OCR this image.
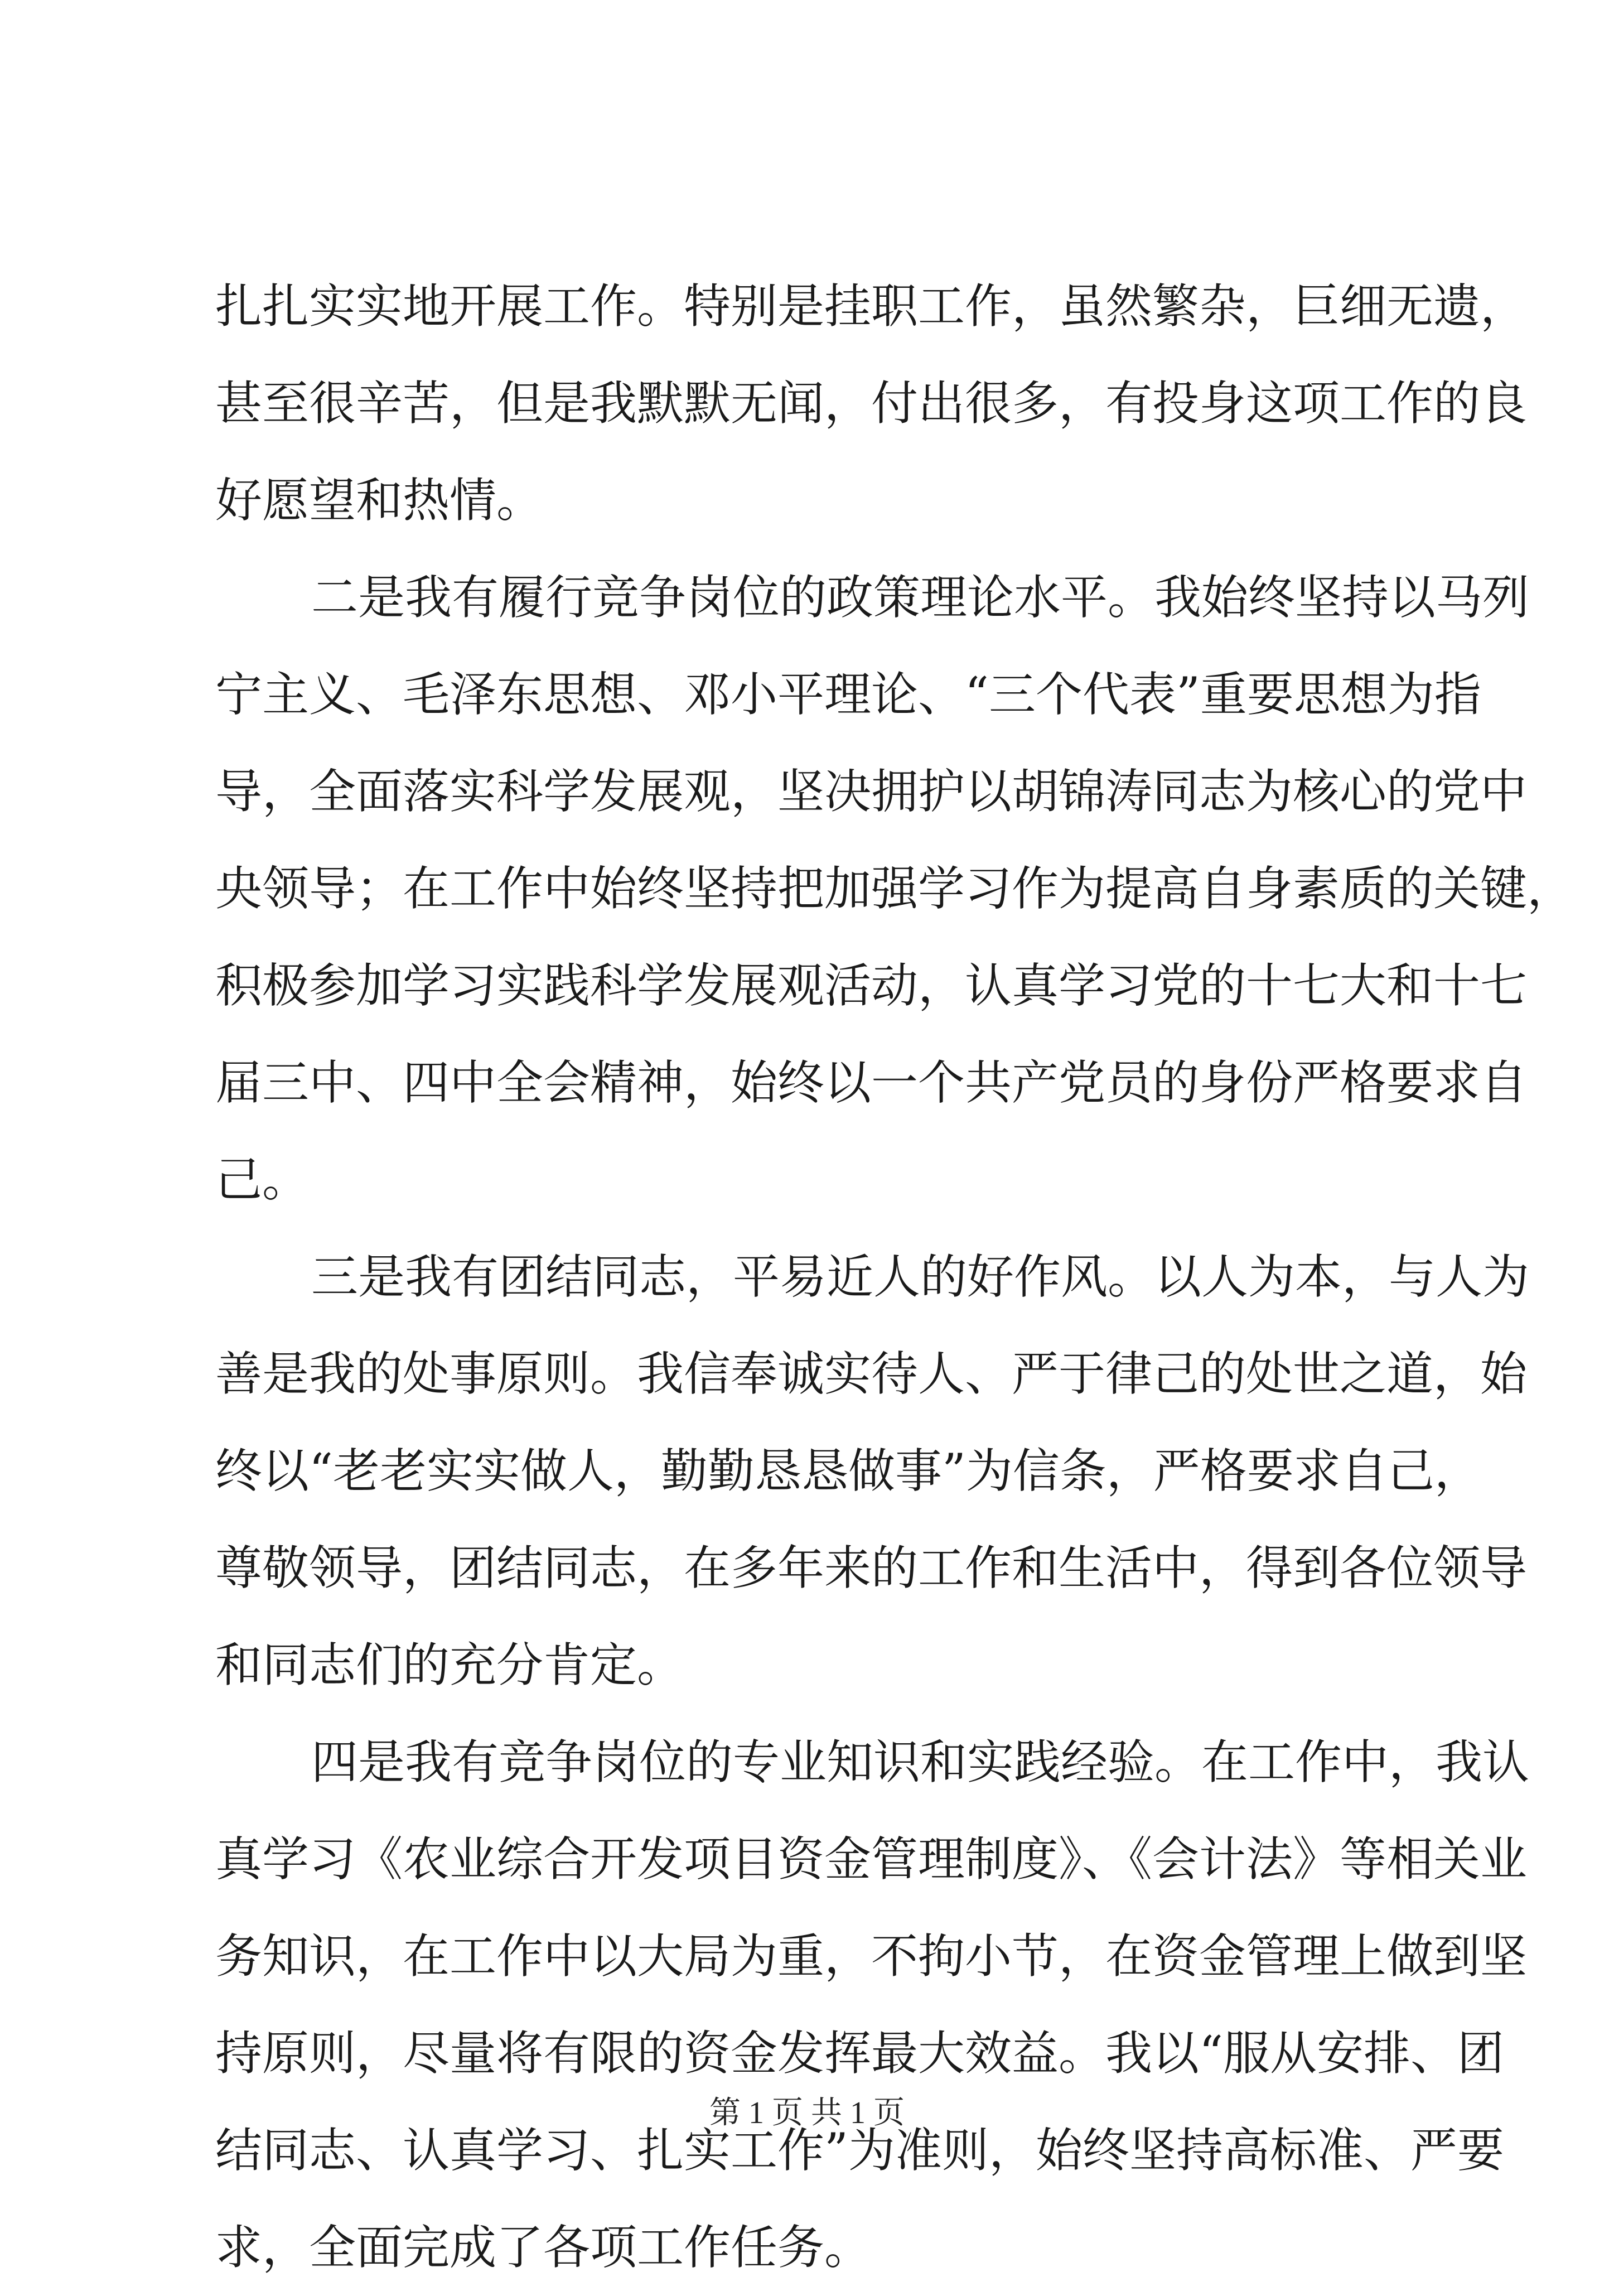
扎扎实实地开展工作。特别是挂职工作，虽然繁杂，巨细无遗，
甚至很辛苦，但是我默默无闻，付出很多，有投身这项工作的良
好愿望和热情。
二是我有履行竞争岗位的政策理论水平。我始终坚持以马列
宁主义、毛泽东思想、邓小平理论、“三个代表”重要思想为指
导，全面落实科学发展观，坚决拥护以胡锦涛同志为核心的党中
央领导；在工作中始终坚持把加强学习作为提高自身素质的关键，
积极参加学习实践科学发展观活动，认真学习党的十七大和十七
届三中、四中全会精神，始终以一个共产党员的身份严格要求自
己。
三是我有团结同志，平易近人的好作风。以人为本，与人为
善是我的处事原则。我信奉诚实待人、严于律己的处世之道，始
终以“老老实实做人，勤勤恳恳做事”为信条，严格要求自己，
尊敬领导，团结同志，在多年来的工作和生活中，得到各位领导
和同志们的充分肯定。
四是我有竞争岗位的专业知识和实践经验。在工作中，我认
真学习《农业综合开发项目资金管理制度》、《会计法》等相关业
务知识，在工作中以大局为重，不拘小节，在资金管理上做到坚
持原则，尽量将有限的资金发挥最大效益。我以“服从安排、团
结同志、认真学习、扎实工作”为准则，始终坚持高标准、严要
求，全面完成了各项工作任务。
第 1 页 共 1 页
